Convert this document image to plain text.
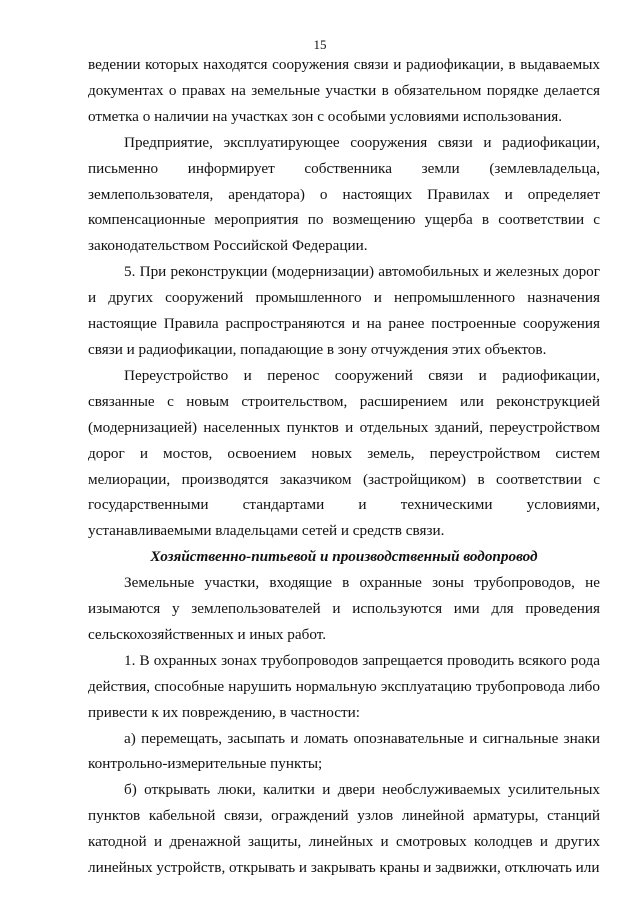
15

ведении которых находятся сооружения связи и радиофикации, в выдаваемых документах о правах на земельные участки в обязательном порядке делается отметка о наличии на участках зон с особыми условиями использования.

Предприятие, эксплуатирующее сооружения связи и радиофикации, письменно информирует собственника земли (землевладельца, землепользователя, арендатора) о настоящих Правилах и определяет компенсационные мероприятия по возмещению ущерба в соответствии с законодательством Российской Федерации.

5. При реконструкции (модернизации) автомобильных и железных дорог и других сооружений промышленного и непромышленного назначения настоящие Правила распространяются и на ранее построенные сооружения связи и радиофикации, попадающие в зону отчуждения этих объектов.

Переустройство и перенос сооружений связи и радиофикации, связанные с новым строительством, расширением или реконструкцией (модернизацией) населенных пунктов и отдельных зданий, переустройством дорог и мостов, освоением новых земель, переустройством систем мелиорации, производятся заказчиком (застройщиком) в соответствии с государственными стандартами и техническими условиями, устанавливаемыми владельцами сетей и средств связи.

Хозяйственно-питьевой и производственный водопровод

Земельные участки, входящие в охранные зоны трубопроводов, не изымаются у землепользователей и используются ими для проведения сельскохозяйственных и иных работ.

1. В охранных зонах трубопроводов запрещается проводить всякого рода действия, способные нарушить нормальную эксплуатацию трубопровода либо привести к их повреждению, в частности:

а) перемещать, засыпать и ломать опознавательные и сигнальные знаки контрольно-измерительные пункты;

б) открывать люки, калитки и двери необслуживаемых усилительных пунктов кабельной связи, ограждений узлов линейной арматуры, станций катодной и дренажной защиты, линейных и смотровых колодцев и других линейных устройств, открывать и закрывать краны и задвижки, отключать или
